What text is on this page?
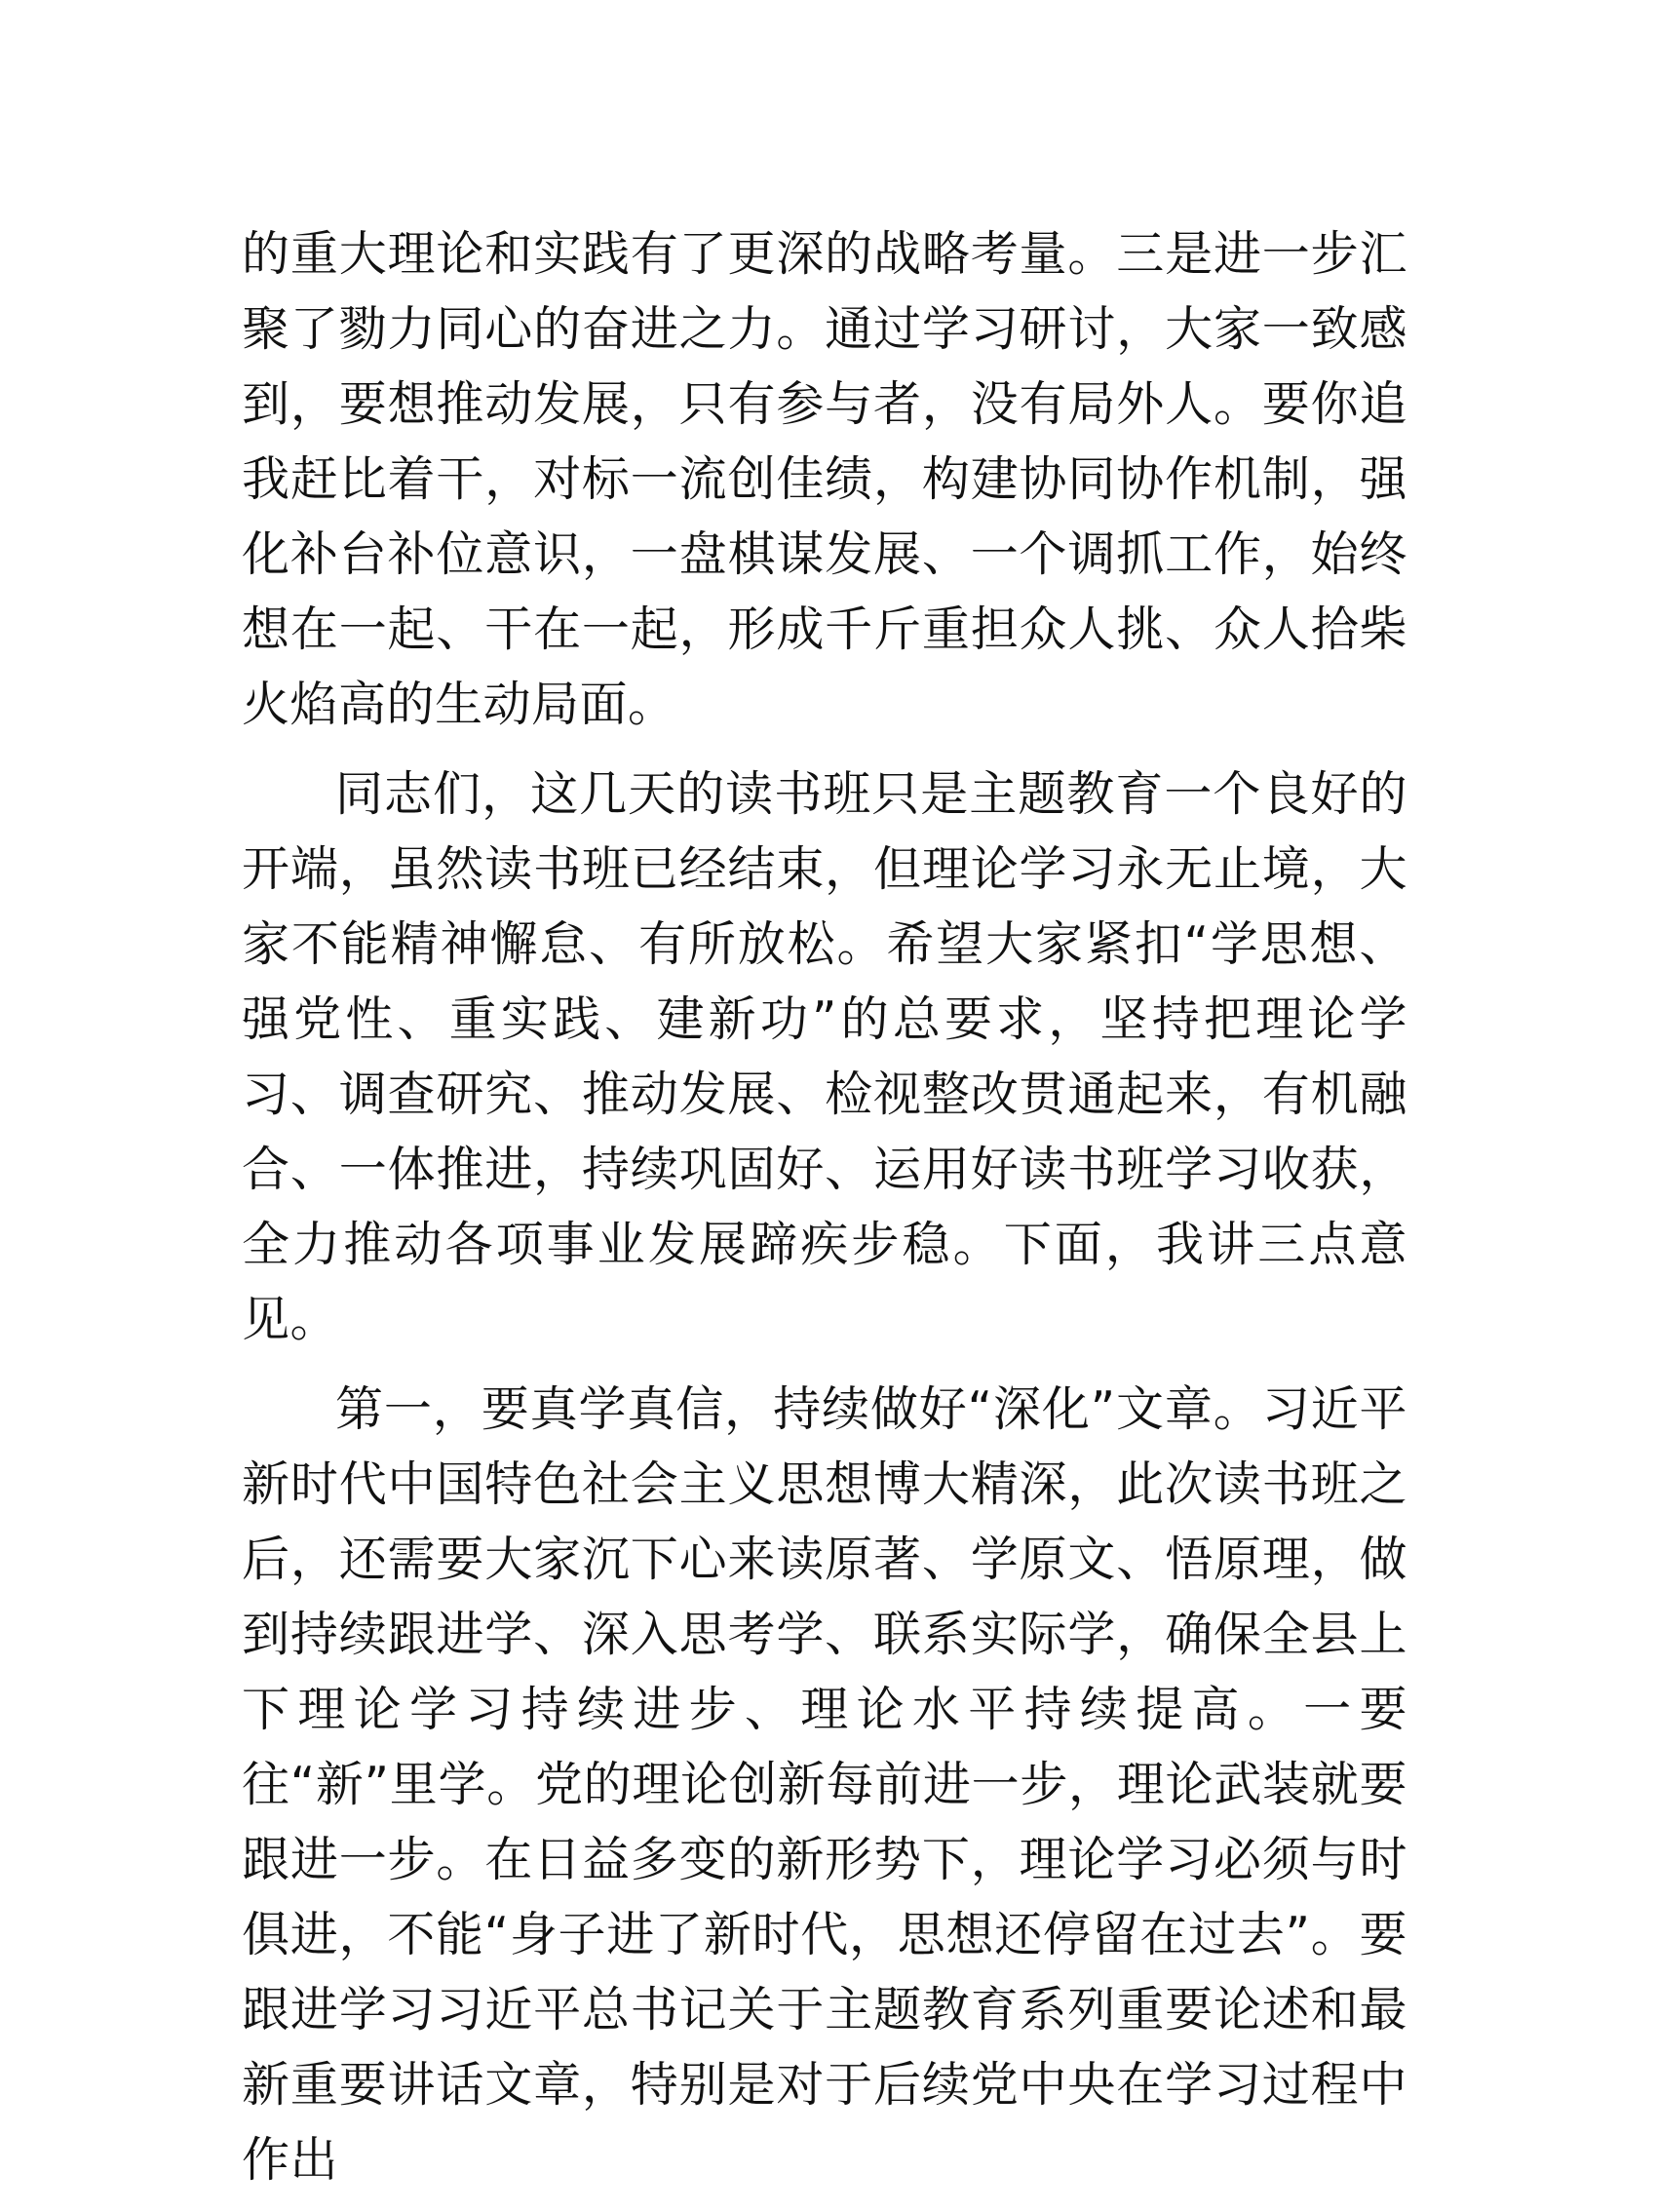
的重大理论和实践有了更深的战略考量。三是进一步汇聚了勠力同心的奋进之力。通过学习研讨，大家一致感到，要想推动发展，只有参与者，没有局外人。要你追我赶比着干，对标一流创佳绩，构建协同协作机制，强化补台补位意识，一盘棋谋发展、一个调抓工作，始终想在一起、干在一起，形成千斤重担众人挑、众人拾柴火焰高的生动局面。

同志们，这几天的读书班只是主题教育一个良好的开端，虽然读书班已经结束，但理论学习永无止境，大家不能精神懈怠、有所放松。希望大家紧扣“学思想、强党性、重实践、建新功”的总要求，坚持把理论学习、调查研究、推动发展、检视整改贯通起来，有机融合、一体推进，持续巩固好、运用好读书班学习收获，全力推动各项事业发展蹄疾步稳。下面，我讲三点意见。

第一，要真学真信，持续做好“深化”文章。习近平新时代中国特色社会主义思想博大精深，此次读书班之后，还需要大家沉下心来读原著、学原文、悟原理，做到持续跟进学、深入思考学、联系实际学，确保全县上下理论学习持续进步、理论水平持续提高。一要往“新”里学。党的理论创新每前进一步，理论武装就要跟进一步。在日益多变的新形势下，理论学习必须与时俱进，不能“身子进了新时代，思想还停留在过去”。要跟进学习习近平总书记关于主题教育系列重要论述和最新重要讲话文章，特别是对于后续党中央在学习过程中作出
